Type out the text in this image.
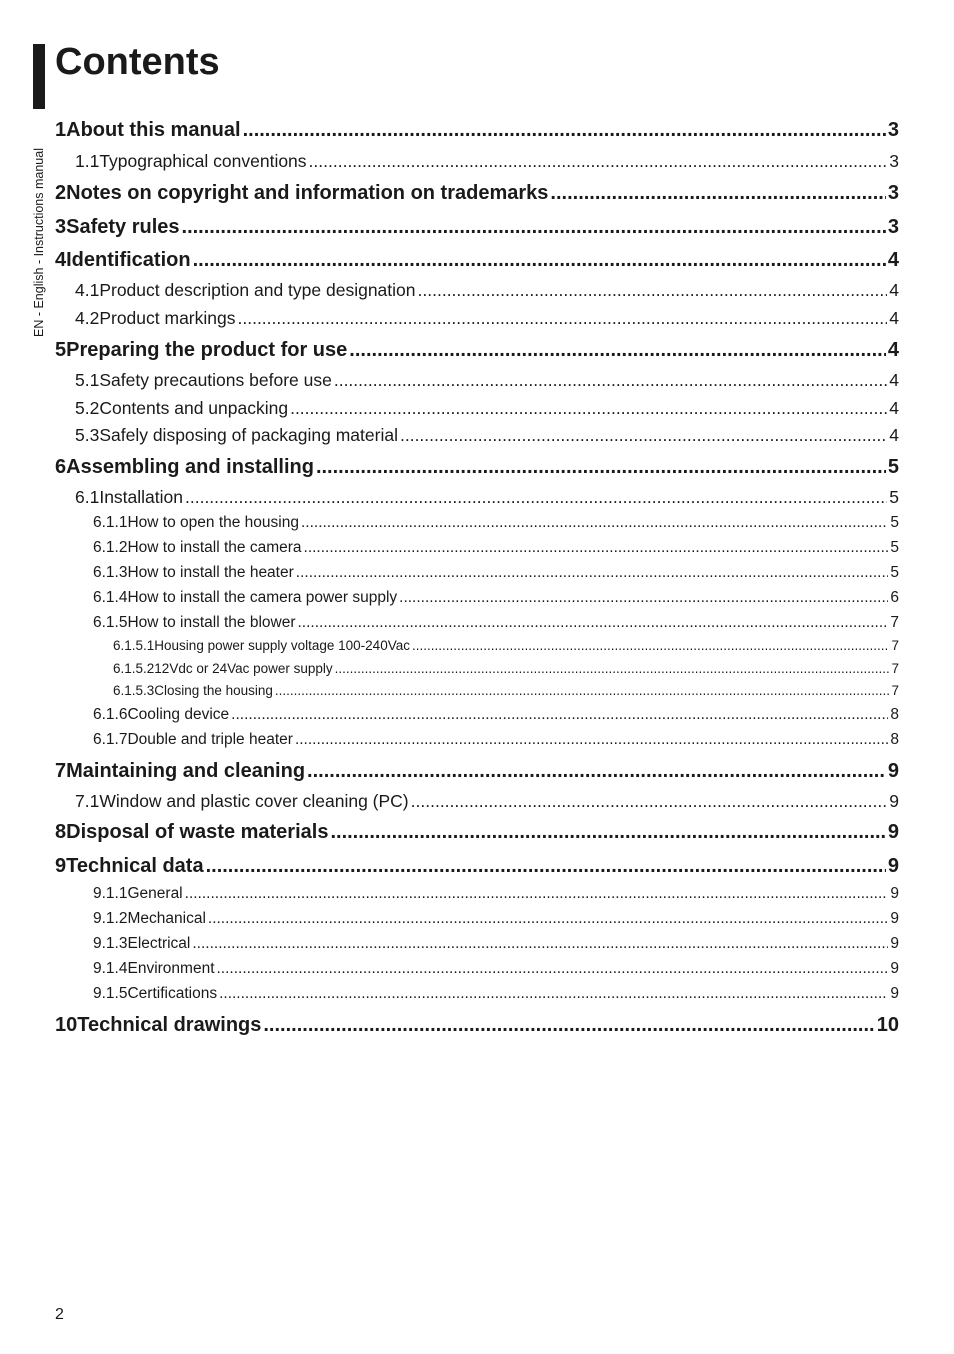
Contents
EN - English - Instructions manual
1 About this manual .....	3
1.1 Typographical conventions .....	3
2 Notes on copyright and information on trademarks .....	3
3 Safety rules .....	3
4 Identification .....	4
4.1 Product description and type designation .....	4
4.2 Product markings .....	4
5 Preparing the product for use .....	4
5.1 Safety precautions before use .....	4
5.2 Contents and unpacking .....	4
5.3 Safely disposing of packaging material .....	4
6 Assembling and installing .....	5
6.1 Installation .....	5
6.1.1 How to open the housing .....	5
6.1.2 How to install the camera .....	5
6.1.3 How to install the heater .....	5
6.1.4 How to install the camera power supply .....	6
6.1.5 How to install the blower .....	7
6.1.5.1 Housing power supply voltage 100-240Vac .....	7
6.1.5.2 12Vdc or 24Vac power supply .....	7
6.1.5.3 Closing the housing .....	7
6.1.6 Cooling device .....	8
6.1.7 Double and triple heater .....	8
7 Maintaining and cleaning .....	9
7.1 Window and plastic cover cleaning (PC) .....	9
8 Disposal of waste materials .....	9
9 Technical data .....	9
9.1.1 General .....	9
9.1.2 Mechanical .....	9
9.1.3 Electrical .....	9
9.1.4 Environment .....	9
9.1.5 Certifications .....	9
10 Technical drawings .....	10
2
